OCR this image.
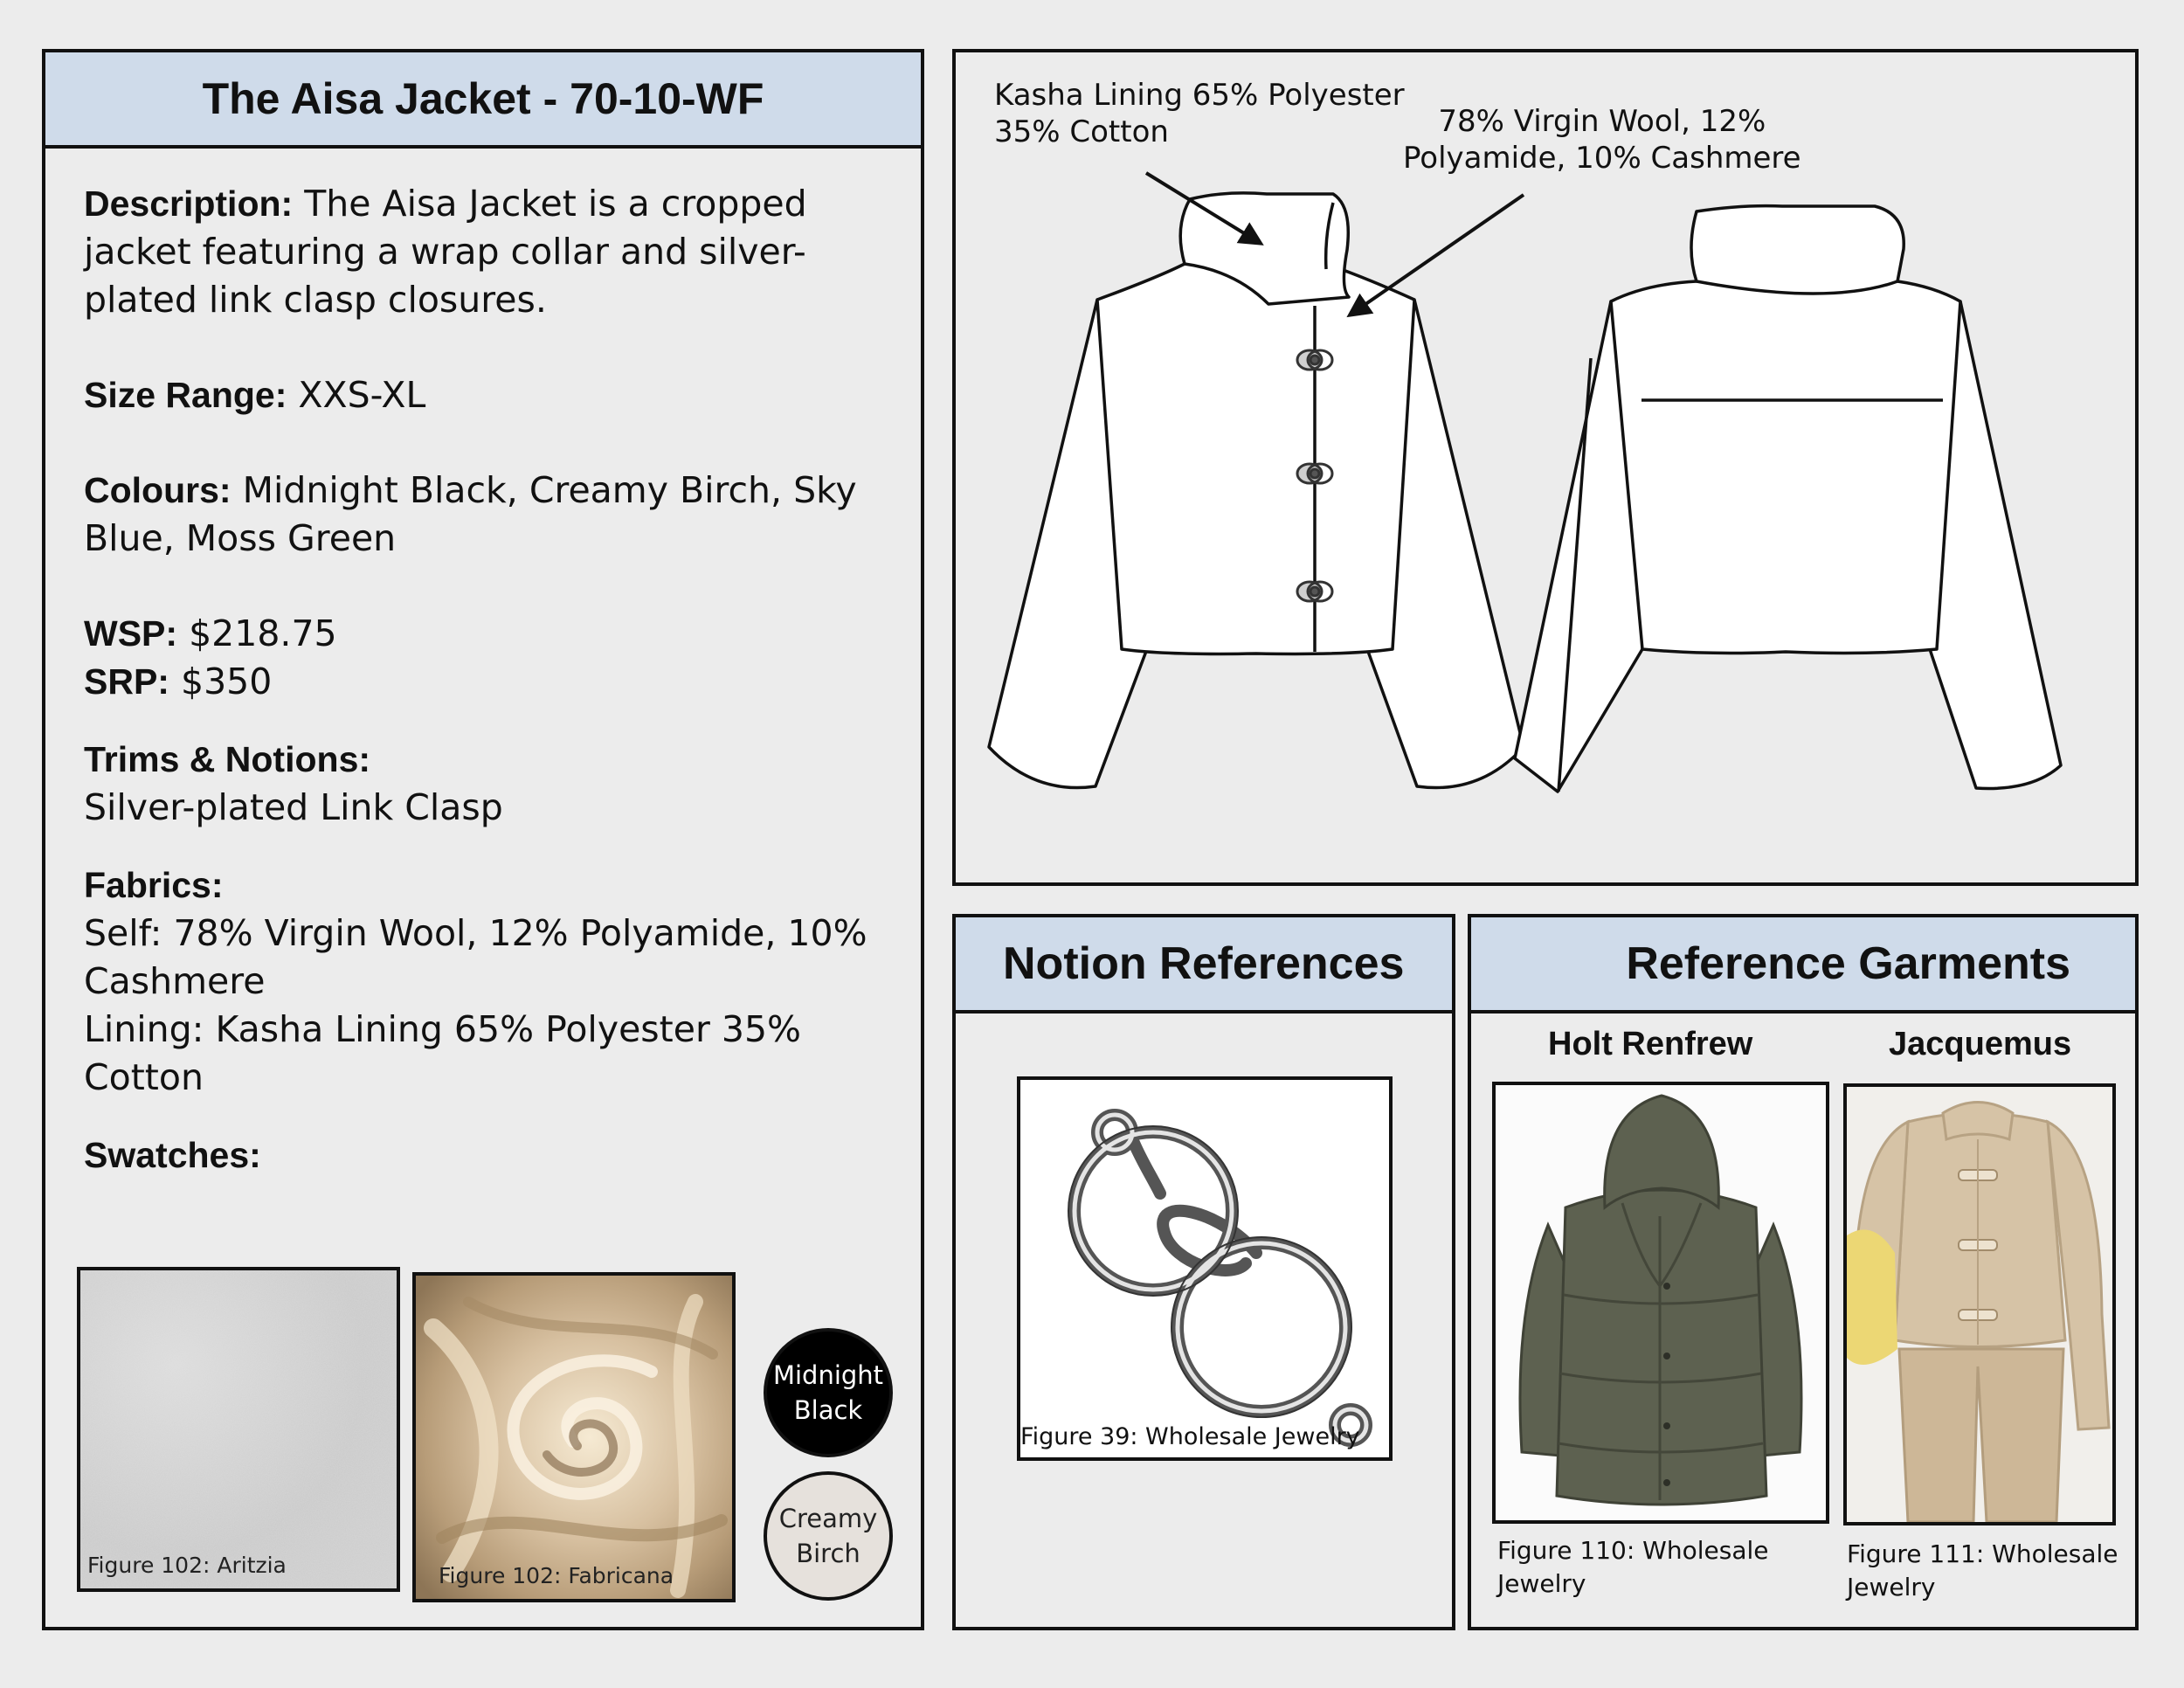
The Aisa Jacket - 70-10-WF

Description: The Aisa Jacket is a cropped jacket featuring a wrap collar and silver-plated link clasp closures.

Size Range: XXS-XL

Colours: Midnight Black, Creamy Birch, Sky Blue, Moss Green

WSP: $218.75
SRP: $350

Trims & Notions:
Silver-plated Link Clasp

Fabrics:
Self: 78% Virgin Wool, 12% Polyamide, 10% Cashmere
Lining: Kasha Lining 65% Polyester 35% Cotton

Swatches:

Figure 102: Aritzia	Figure 102: Fabricana
Midnight
Black
Creamy
Birch
Kasha Lining 65% Polyester
35% Cotton	78% Virgin Wool, 12%
Polyamide, 10% Cashmere
Notion References
Figure 39: Wholesale Jewelry
Reference Garments
Holt Renfrew	Jacquemus
Figure 110: Wholesale
Jewelry
Figure 111: Wholesale
Jewelry
